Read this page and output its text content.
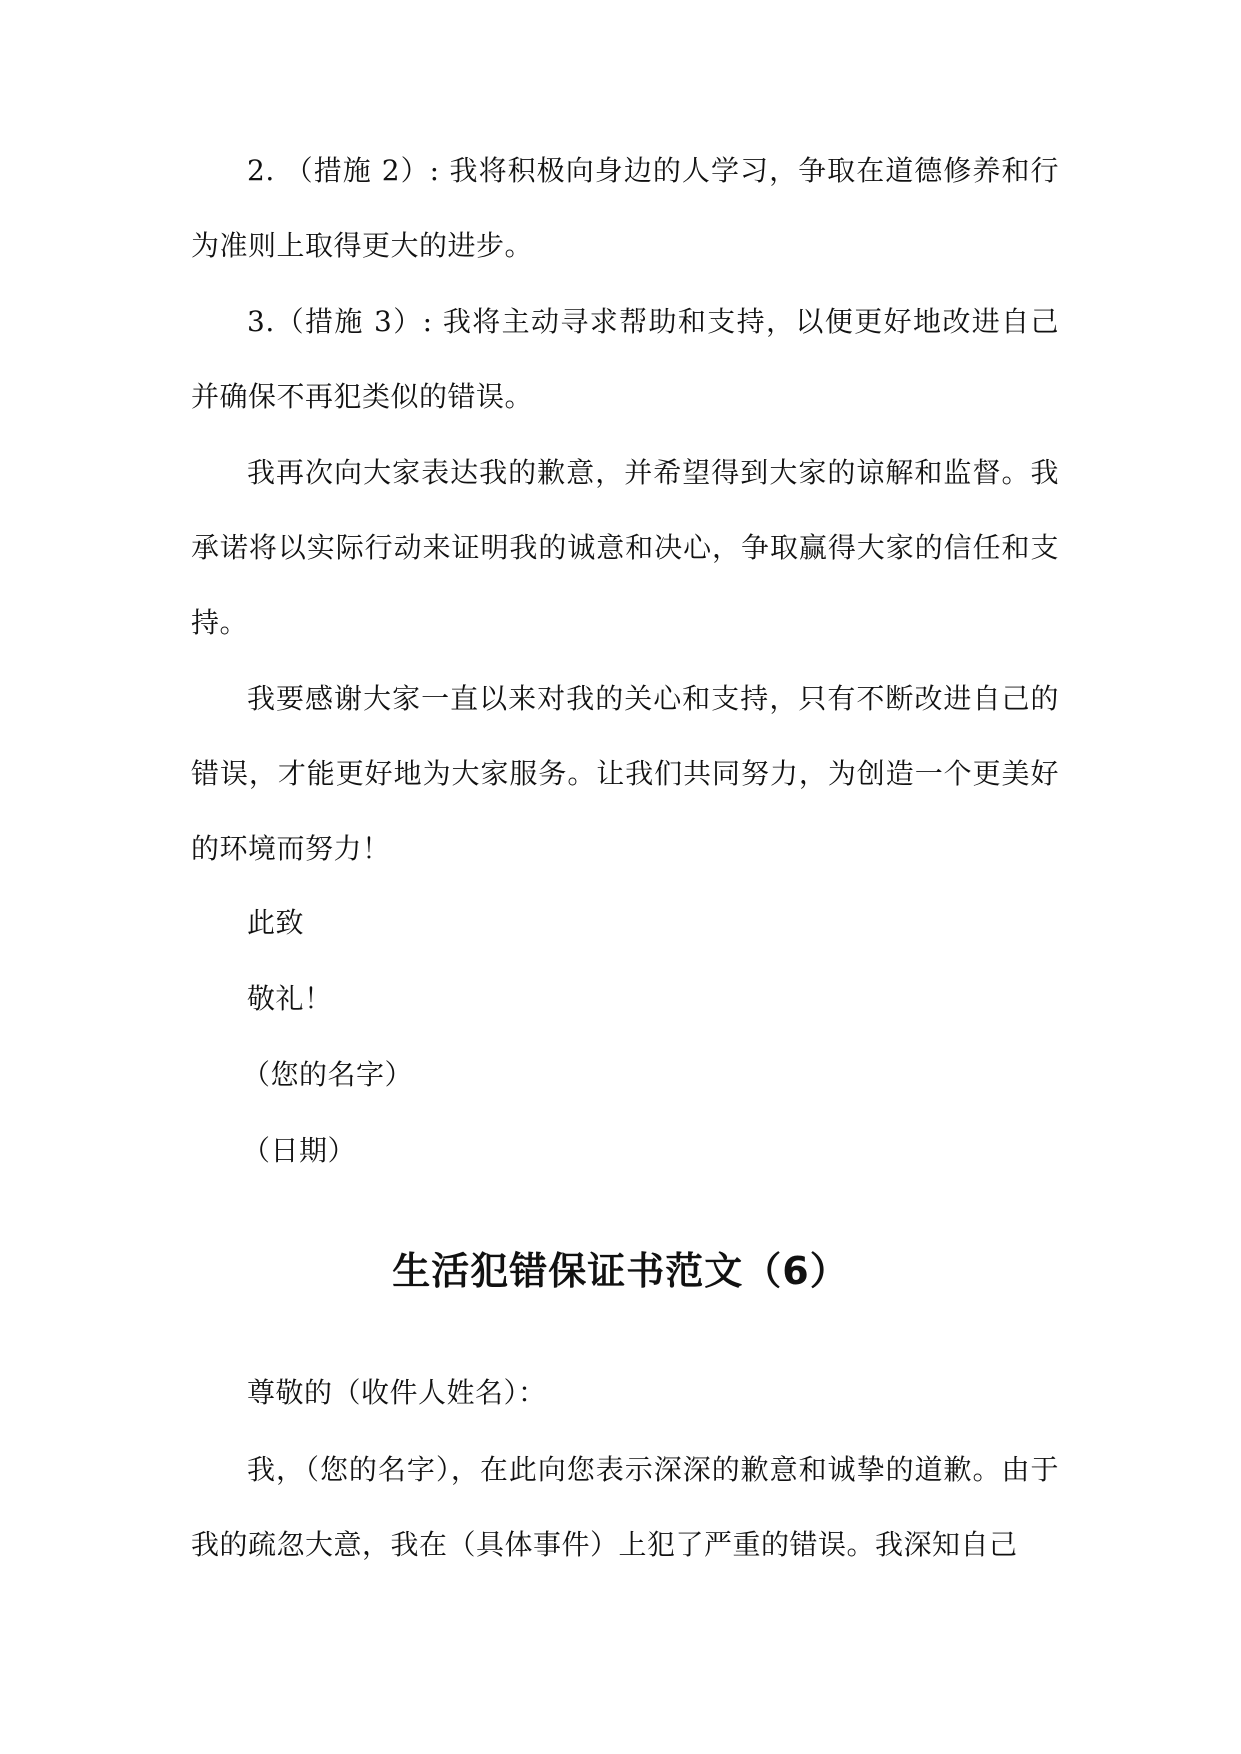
2. （措施 2）: 我将积极向身边的人学习，争取在道德修养和行为准则上取得更大的进步。

3.（措施 3）: 我将主动寻求帮助和支持，以便更好地改进自己并确保不再犯类似的错误。

我再次向大家表达我的歉意，并希望得到大家的谅解和监督。我承诺将以实际行动来证明我的诚意和决心，争取赢得大家的信任和支持。

我要感谢大家一直以来对我的关心和支持，只有不断改进自己的错误，才能更好地为大家服务。让我们共同努力，为创造一个更美好的环境而努力！

此致

敬礼！

（您的名字）

（日期）

生活犯错保证书范文（6）

尊敬的（收件人姓名）：

我，（您的名字），在此向您表示深深的歉意和诚挚的道歉。由于我的疏忽大意，我在（具体事件）上犯了严重的错误。我深知自己
